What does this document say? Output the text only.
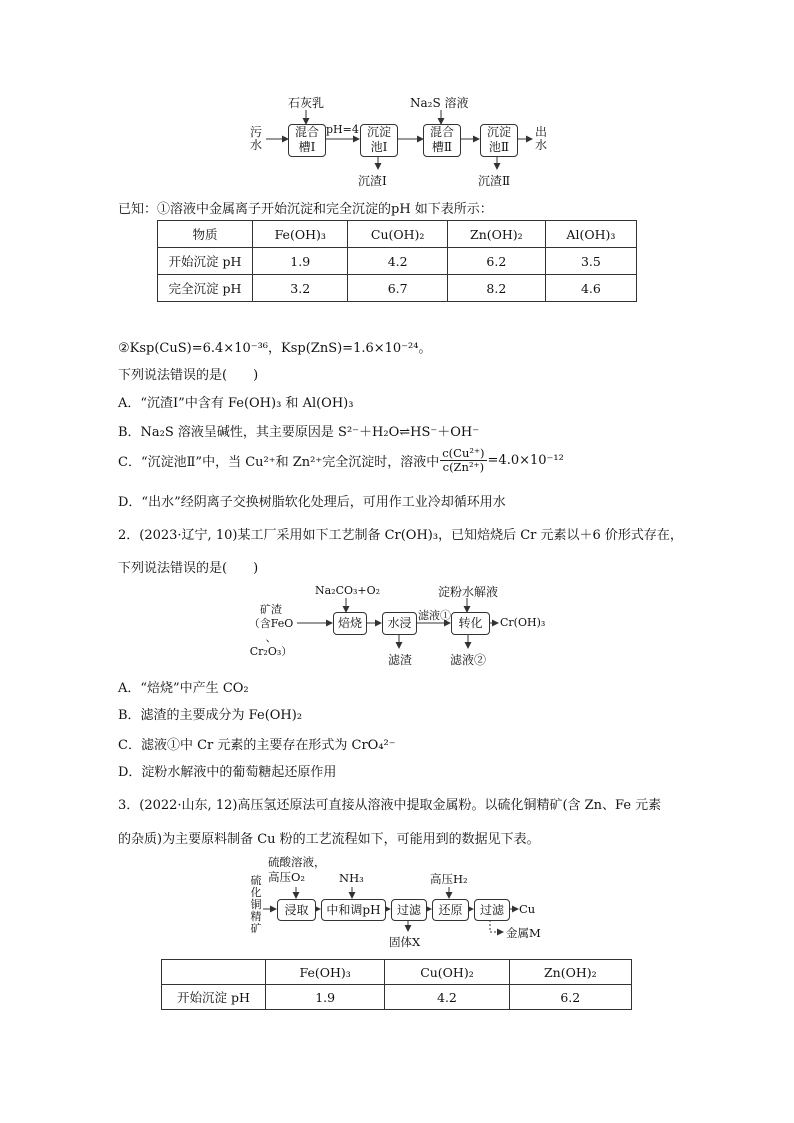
石灰乳	Na₂S 溶液
污
水
混合
槽Ⅰ
pH=4 沉淀
池Ⅰ
混合
槽Ⅱ
沉淀
池Ⅱ
出
水
沉渣Ⅰ	沉渣Ⅱ
已知：①溶液中金属离子开始沉淀和完全沉淀的pH 如下表所示：
物质	Fe(OH)₃	Cu(OH)₂	Zn(OH)₂	Al(OH)₃
开始沉淀 pH	1.9	4.2	6.2	3.5
完全沉淀 pH	3.2	6.7	8.2	4.6
②Ksp(CuS)=6.4×10⁻³⁶，Ksp(ZnS)=1.6×10⁻²⁴。
下列说法错误的是(　　)
A．“沉渣Ⅰ”中含有 Fe(OH)₃ 和 Al(OH)₃
B．Na₂S 溶液呈碱性，其主要原因是 S²⁻＋H₂O⇌HS⁻＋OH⁻
C．“沉淀池Ⅱ”中，当 Cu²⁺和 Zn²⁺完全沉淀时，溶液中 $\frac{\text{c(Cu²⁺)}}{\text{c(Zn²⁺)}} =4.0\times 10^{-12}$
D．“出水”经阴离子交换树脂软化处理后，可用作工业冷却循环用水
2．(2023·辽宁, 10)某工厂采用如下工艺制备 Cr(OH)₃，已知焙烧后 Cr 元素以＋6 价形式存在，
下列说法错误的是(　　)
Na₂CO₃+O₂	淀粉水解液
矿渣
（含FeO 、
Cr₂O₃）
焙烧	水浸
滤液①
转化	Cr(OH)₃
滤渣	滤液②
A．“焙烧”中产生 CO₂
B．滤渣的主要成分为 Fe(OH)₂
C．滤液①中 Cr 元素的主要存在形式为 CrO₄²⁻
D．淀粉水解液中的葡萄糖起还原作用
3．(2022·山东, 12)高压氢还原法可直接从溶液中提取金属粉。以硫化铜精矿(含 Zn、Fe 元素
的杂质)为主要原料制备 Cu 粉的工艺流程如下，可能用到的数据见下表。
硫酸溶液，
高压O₂	NH₃	高压H₂
硫
化
铜
精
矿
浸取	中和调pH	过滤	还原	过滤	Cu
固体X
金属M
	Fe(OH)₃	Cu(OH)₂	Zn(OH)₂
开始沉淀 pH	1.9	4.2	6.2
